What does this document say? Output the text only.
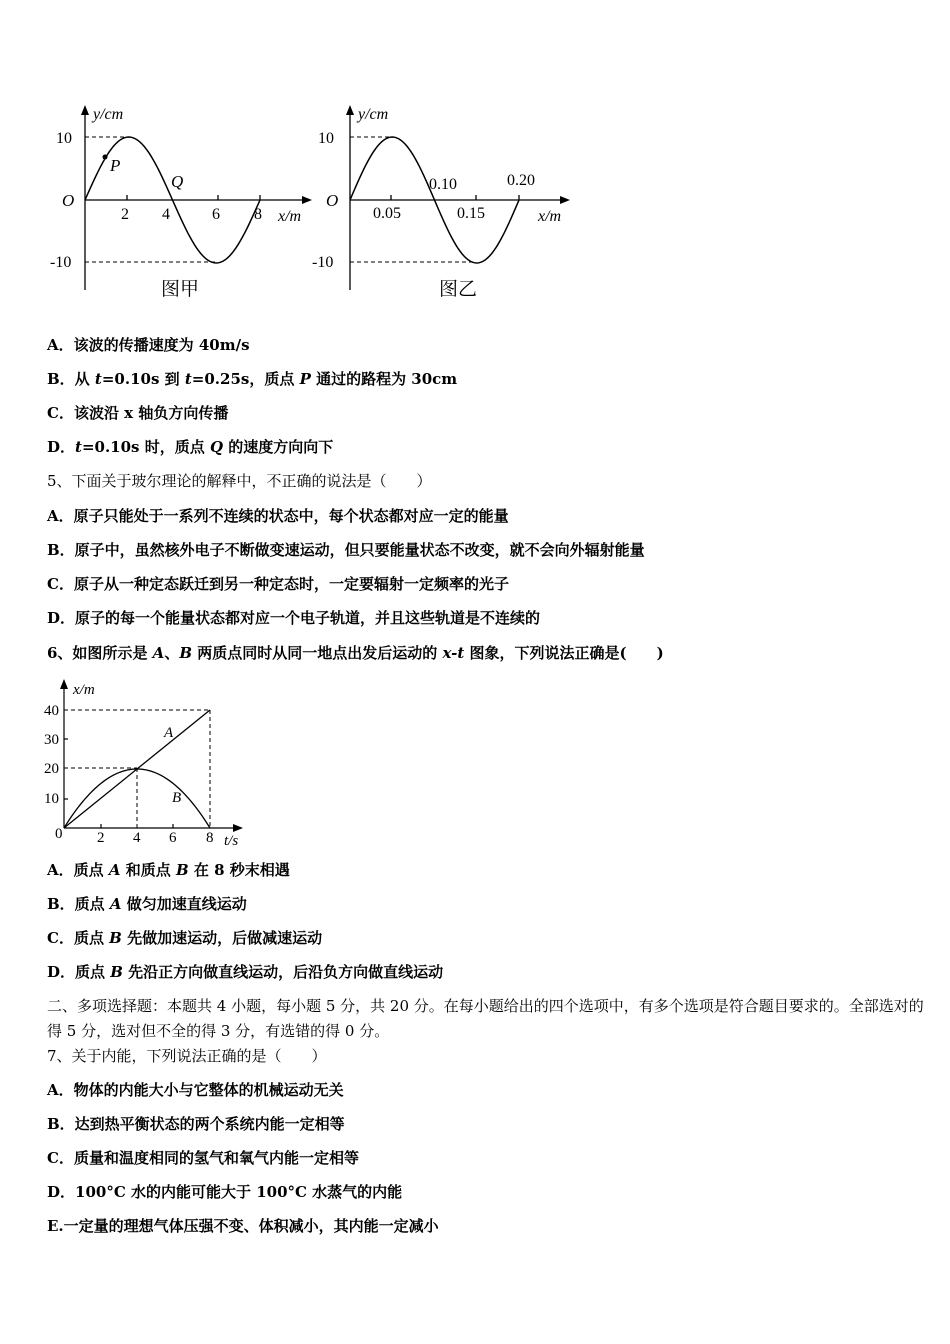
y/cm
10
-10
O
P
Q
2 4	6 8 x/m
图甲
y/cm
10
-10
O
0.05	0.15
0.10	0.20
x/m
图乙
A．该波的传播速度为 40m/s
B．从 t=0.10s 到 t=0.25s，质点 P 通过的路程为 30cm
C．该波沿 x 轴负方向传播
D．t=0.10s 时，质点 Q 的速度方向向下
5、下面关于玻尔理论的解释中，不正确的说法是（　　）
A．原子只能处于一系列不连续的状态中，每个状态都对应一定的能量
B．原子中，虽然核外电子不断做变速运动，但只要能量状态不改变，就不会向外辐射能量
C．原子从一种定态跃迁到另一种定态时，一定要辐射一定频率的光子
D．原子的每一个能量状态都对应一个电子轨道，并且这些轨道是不连续的
6、如图所示是 A、B 两质点同时从同一地点出发后运动的 x-t 图象，下列说法正确是(　　)
x/m
40
30
20
10
0 2 4 6 8 t/s
A
B
A．质点 A 和质点 B 在 8 秒末相遇
B．质点 A 做匀加速直线运动
C．质点 B 先做加速运动，后做减速运动
D．质点 B 先沿正方向做直线运动，后沿负方向做直线运动
二、多项选择题：本题共 4 小题，每小题 5 分，共 20 分。在每小题给出的四个选项中，有多个选项是符合题目要求的。全部选对的得 5 分，选对但不全的得 3 分，有选错的得 0 分。
7、关于内能，下列说法正确的是（　　）
A．物体的内能大小与它整体的机械运动无关
B．达到热平衡状态的两个系统内能一定相等
C．质量和温度相同的氢气和氧气内能一定相等
D．100°C 水的内能可能大于 100°C 水蒸气的内能
E.一定量的理想气体压强不变、体积减小，其内能一定减小
